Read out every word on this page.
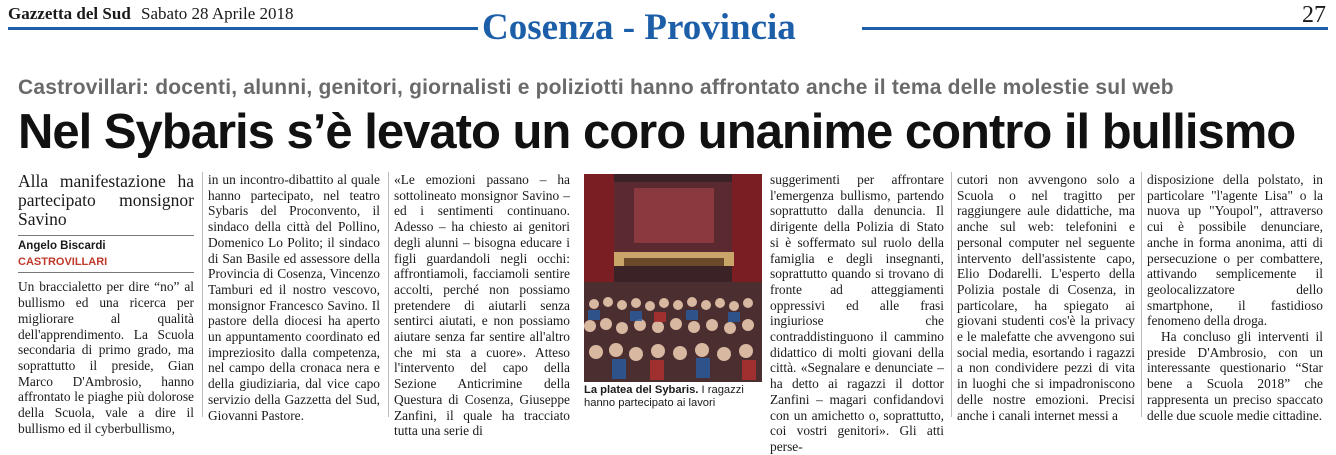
Gazzetta del Sud Sabato 28 Aprile 2018	Cosenza - Provincia	27
Castrovillari: docenti, alunni, genitori, giornalisti e poliziotti hanno affrontato anche il tema delle molestie sul web
Nel Sybaris s’è levato un coro unanime contro il bullismo

Alla manifestazione ha partecipato monsignor Savino

Angelo Biscardi
CASTROVILLARI

Un braccialetto per dire “no” al bullismo ed una ricerca per migliorare al qualità dell'apprendimento. La Scuola secondaria di primo grado, ma soprattutto il preside, Gian Marco D'Ambrosio, hanno affrontato le piaghe più dolorose della Scuola, vale a dire il bullismo ed il cyberbullismo,

in un incontro-dibattito al quale hanno partecipato, nel teatro Sybaris del Proconvento, il sindaco della città del Pollino, Domenico Lo Polito; il sindaco di San Basile ed assessore della Provincia di Cosenza, Vincenzo Tamburi ed il nostro vescovo, monsignor Francesco Savino. Il pastore della diocesi ha aperto un appuntamento coordinato ed impreziosito dalla competenza, nel campo della cronaca nera e della giudiziaria, dal vice capo servizio della Gazzetta del Sud, Giovanni Pastore.

«Le emozioni passano – ha sottolineato monsignor Savino – ed i sentimenti continuano. Adesso – ha chiesto ai genitori degli alunni – bisogna educare i figli guardandoli negli occhi: affrontiamoli, facciamoli sentire accolti, perché non possiamo pretendere di aiutarli senza sentirci aiutati, e non possiamo aiutare senza far sentire all'altro che mi sta a cuore». Atteso l'intervento del capo della Sezione Anticrimine della Questura di Cosenza, Giuseppe Zanfini, il quale ha tracciato tutta una serie di

La platea del Sybaris. I ragazzi hanno partecipato ai lavori

suggerimenti per affrontare l'emergenza bullismo, partendo soprattutto dalla denuncia. Il dirigente della Polizia di Stato si è soffermato sul ruolo della famiglia e degli insegnanti, soprattutto quando si trovano di fronte ad atteggiamenti oppressivi ed alle frasi ingiuriose che contraddistinguono il cammino didattico di molti giovani della città. «Segnalare e denunciate – ha detto ai ragazzi il dottor Zanfini – magari confidandovi con un amichetto o, soprattutto, coi vostri genitori». Gli atti perse-

cutori non avvengono solo a Scuola o nel tragitto per raggiungere aule didattiche, ma anche sul web: telefonini e personal computer nel seguente intervento dell'assistente capo, Elio Dodarelli. L'esperto della Polizia postale di Cosenza, in particolare, ha spiegato ai giovani studenti cos'è la privacy e le malefatte che avvengono sui social media, esortando i ragazzi a non condividere pezzi di vita in luoghi che si impadroniscono delle nostre emozioni. Precisi anche i canali internet messi a

disposizione della polstato, in particolare "l'agente Lisa" o la nuova up "Youpol", attraverso cui è possibile denunciare, anche in forma anonima, atti di persecuzione o per combattere, attivando semplicemente il geolocalizzatore dello smartphone, il fastidioso fenomeno della droga.

Ha concluso gli interventi il preside D'Ambrosio, con un interessante questionario “Star bene a Scuola 2018” che rappresenta un preciso spaccato delle due scuole medie cittadine.
